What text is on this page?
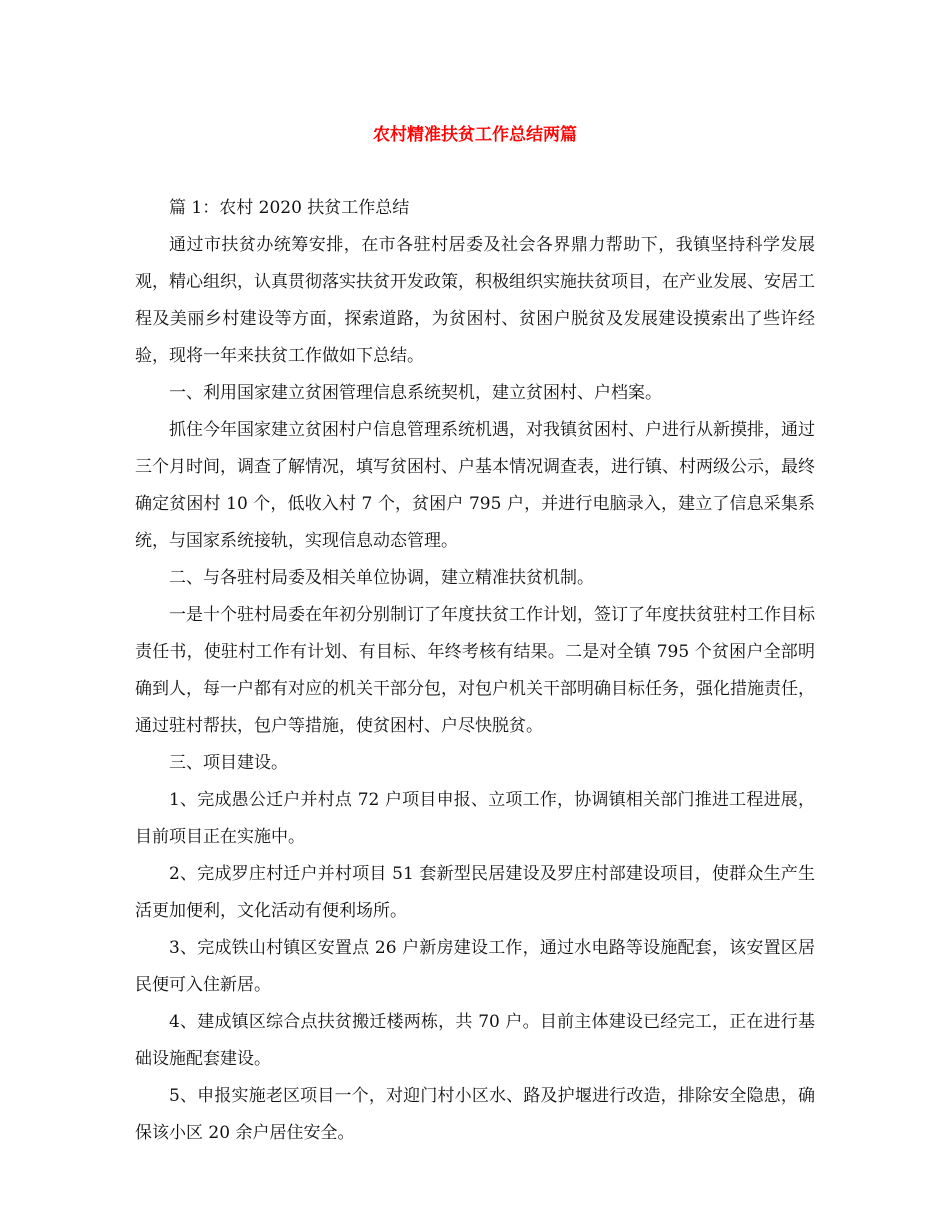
农村精准扶贫工作总结两篇

篇 1：农村 2020 扶贫工作总结

通过市扶贫办统筹安排，在市各驻村居委及社会各界鼎力帮助下，我镇坚持科学发展观，精心组织，认真贯彻落实扶贫开发政策，积极组织实施扶贫项目，在产业发展、安居工程及美丽乡村建设等方面，探索道路，为贫困村、贫困户脱贫及发展建设摸索出了些许经验，现将一年来扶贫工作做如下总结。

一、利用国家建立贫困管理信息系统契机，建立贫困村、户档案。

抓住今年国家建立贫困村户信息管理系统机遇，对我镇贫困村、户进行从新摸排，通过三个月时间，调查了解情况，填写贫困村、户基本情况调查表，进行镇、村两级公示，最终确定贫困村 10 个，低收入村 7 个，贫困户 795 户，并进行电脑录入，建立了信息采集系统，与国家系统接轨，实现信息动态管理。

二、与各驻村局委及相关单位协调，建立精准扶贫机制。

一是十个驻村局委在年初分别制订了年度扶贫工作计划，签订了年度扶贫驻村工作目标责任书，使驻村工作有计划、有目标、年终考核有结果。二是对全镇 795 个贫困户全部明确到人，每一户都有对应的机关干部分包，对包户机关干部明确目标任务，强化措施责任，通过驻村帮扶，包户等措施，使贫困村、户尽快脱贫。

三、项目建设。

1、完成愚公迁户并村点 72 户项目申报、立项工作，协调镇相关部门推进工程进展，目前项目正在实施中。

2、完成罗庄村迁户并村项目 51 套新型民居建设及罗庄村部建设项目，使群众生产生活更加便利，文化活动有便利场所。

3、完成铁山村镇区安置点 26 户新房建设工作，通过水电路等设施配套，该安置区居民便可入住新居。

4、建成镇区综合点扶贫搬迁楼两栋，共 70 户。目前主体建设已经完工，正在进行基础设施配套建设。

5、申报实施老区项目一个，对迎门村小区水、路及护堰进行改造，排除安全隐患，确保该小区 20 余户居住安全。
